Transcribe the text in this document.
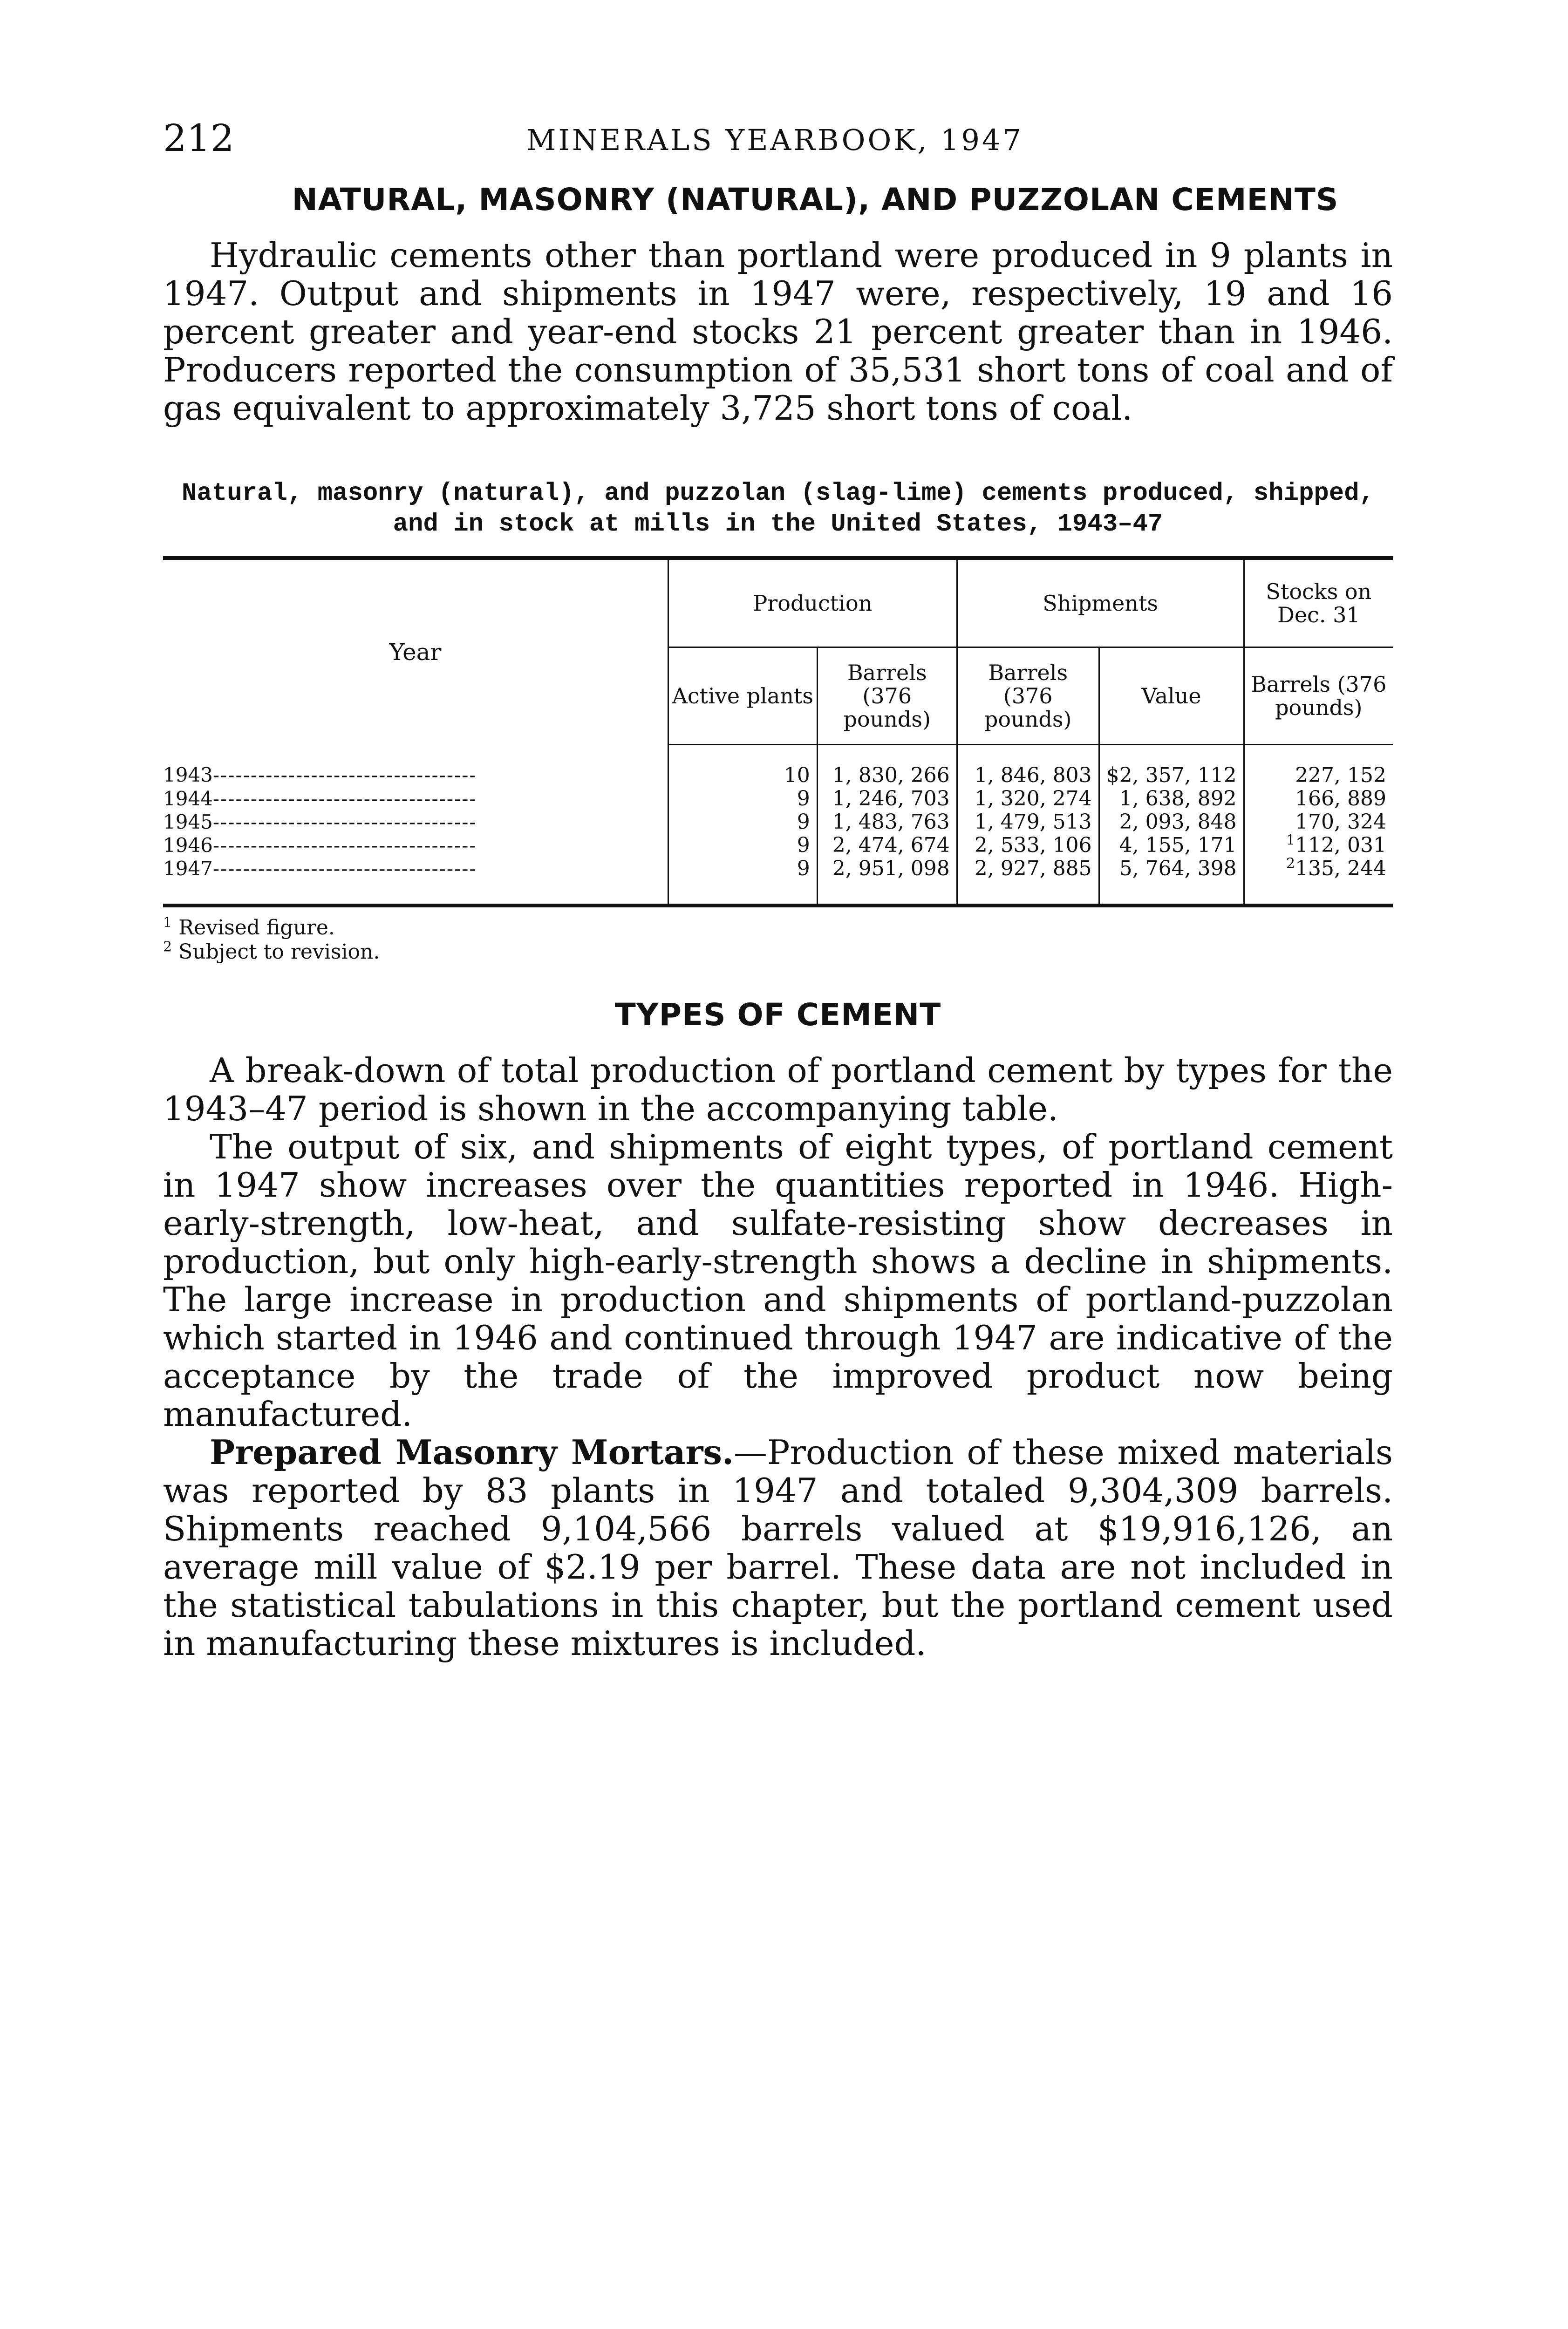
212	MINERALS YEARBOOK, 1947
NATURAL, MASONRY (NATURAL), AND PUZZOLAN CEMENTS

Hydraulic cements other than portland were produced in 9 plants in 1947. Output and shipments in 1947 were, respectively, 19 and 16 percent greater and year-end stocks 21 percent greater than in 1946. Producers reported the consumption of 35,531 short tons of coal and of gas equivalent to approximately 3,725 short tons of coal.

Natural, masonry (natural), and puzzolan (slag-lime) cements produced, shipped,
and in stock at mills in the United States, 1943–47
Year	Production		Shipments		Stocks on Dec. 31
	Active plants	Barrels (376 pounds)	Barrels (376 pounds)	Value	Barrels (376 pounds)
1943-----------------------------------	10	1, 830, 266	1, 846, 803	$2, 357, 112	227, 152
1944-----------------------------------	9	1, 246, 703	1, 320, 274	1, 638, 892	166, 889
1945-----------------------------------	9	1, 483, 763	1, 479, 513	2, 093, 848	170, 324
1946-----------------------------------	9	2, 474, 674	2, 533, 106	4, 155, 171	$^1$112, 031
1947-----------------------------------	9	2, 951, 098	2, 927, 885	5, 764, 398	$^2$135, 244
$^1$ Revised figure.
$^2$ Subject to revision.
TYPES OF CEMENT

A break-down of total production of portland cement by types for the 1943–47 period is shown in the accompanying table.

The output of six, and shipments of eight types, of portland cement in 1947 show increases over the quantities reported in 1946. High-early-strength, low-heat, and sulfate-resisting show decreases in production, but only high-early-strength shows a decline in shipments. The large increase in production and shipments of portland-puzzolan which started in 1946 and continued through 1947 are indicative of the acceptance by the trade of the improved product now being manufactured.

Prepared Masonry Mortars.—Production of these mixed materials was reported by 83 plants in 1947 and totaled 9,304,309 barrels. Shipments reached 9,104,566 barrels valued at $19,916,126, an average mill value of $2.19 per barrel. These data are not included in the statistical tabulations in this chapter, but the portland cement used in manufacturing these mixtures is included.
